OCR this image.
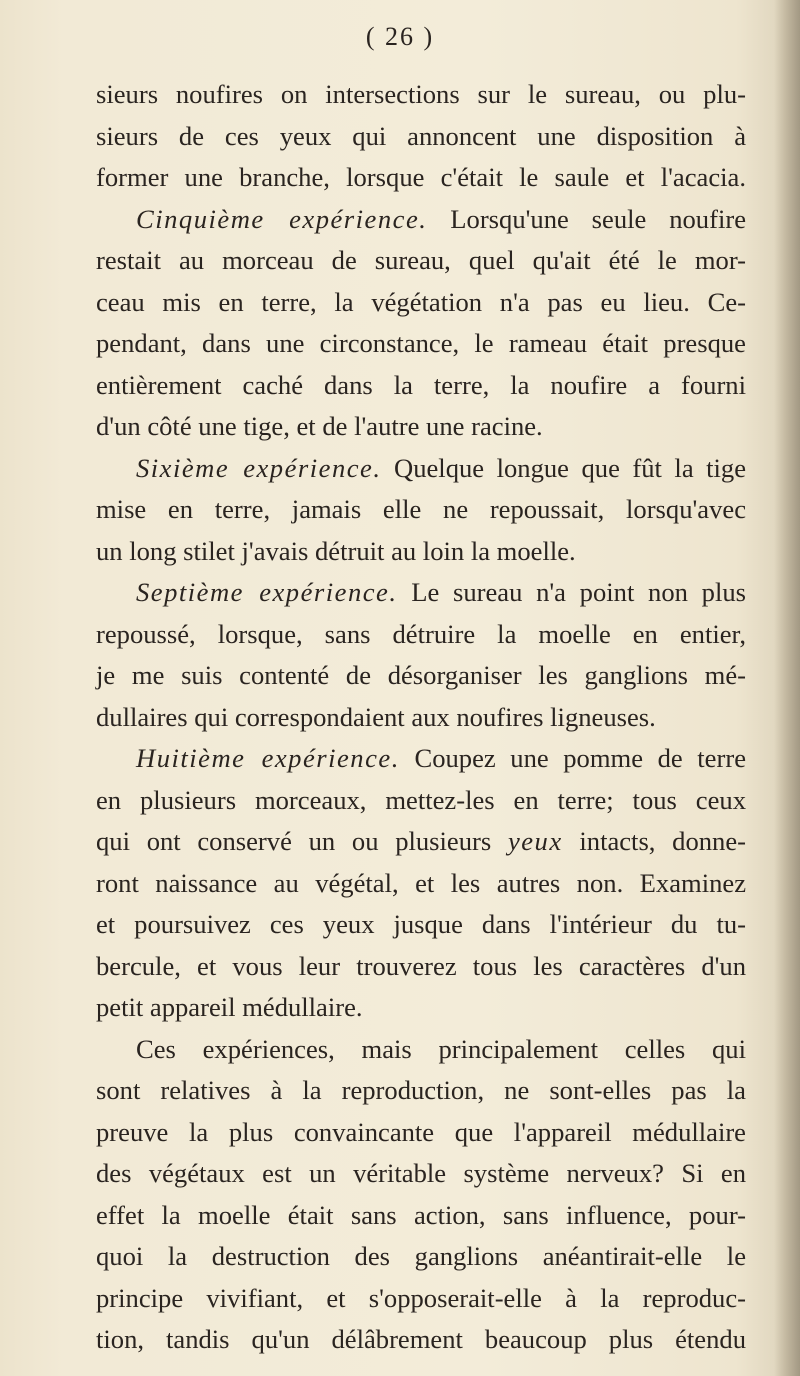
( 26 )
sieurs noufires on intersections sur le sureau, ou plu-
sieurs de ces yeux qui annoncent une disposition à
former une branche, lorsque c'était le saule et l'acacia.
Cinquième expérience. Lorsqu'une seule noufire
restait au morceau de sureau, quel qu'ait été le mor-
ceau mis en terre, la végétation n'a pas eu lieu. Ce-
pendant, dans une circonstance, le rameau était presque
entièrement caché dans la terre, la noufire a fourni
d'un côté une tige, et de l'autre une racine.
Sixième expérience. Quelque longue que fût la tige
mise en terre, jamais elle ne repoussait, lorsqu'avec
un long stilet j'avais détruit au loin la moelle.
Septième expérience. Le sureau n'a point non plus
repoussé, lorsque, sans détruire la moelle en entier,
je me suis contenté de désorganiser les ganglions mé-
dullaires qui correspondaient aux noufires ligneuses.
Huitième expérience. Coupez une pomme de terre
en plusieurs morceaux, mettez-les en terre; tous ceux
qui ont conservé un ou plusieurs yeux intacts, donne-
ront naissance au végétal, et les autres non. Examinez
et poursuivez ces yeux jusque dans l'intérieur du tu-
bercule, et vous leur trouverez tous les caractères d'un
petit appareil médullaire.
Ces expériences, mais principalement celles qui
sont relatives à la reproduction, ne sont-elles pas la
preuve la plus convaincante que l'appareil médullaire
des végétaux est un véritable système nerveux? Si en
effet la moelle était sans action, sans influence, pour-
quoi la destruction des ganglions anéantirait-elle le
principe vivifiant, et s'opposerait-elle à la reproduc-
tion, tandis qu'un délâbrement beaucoup plus étendu
